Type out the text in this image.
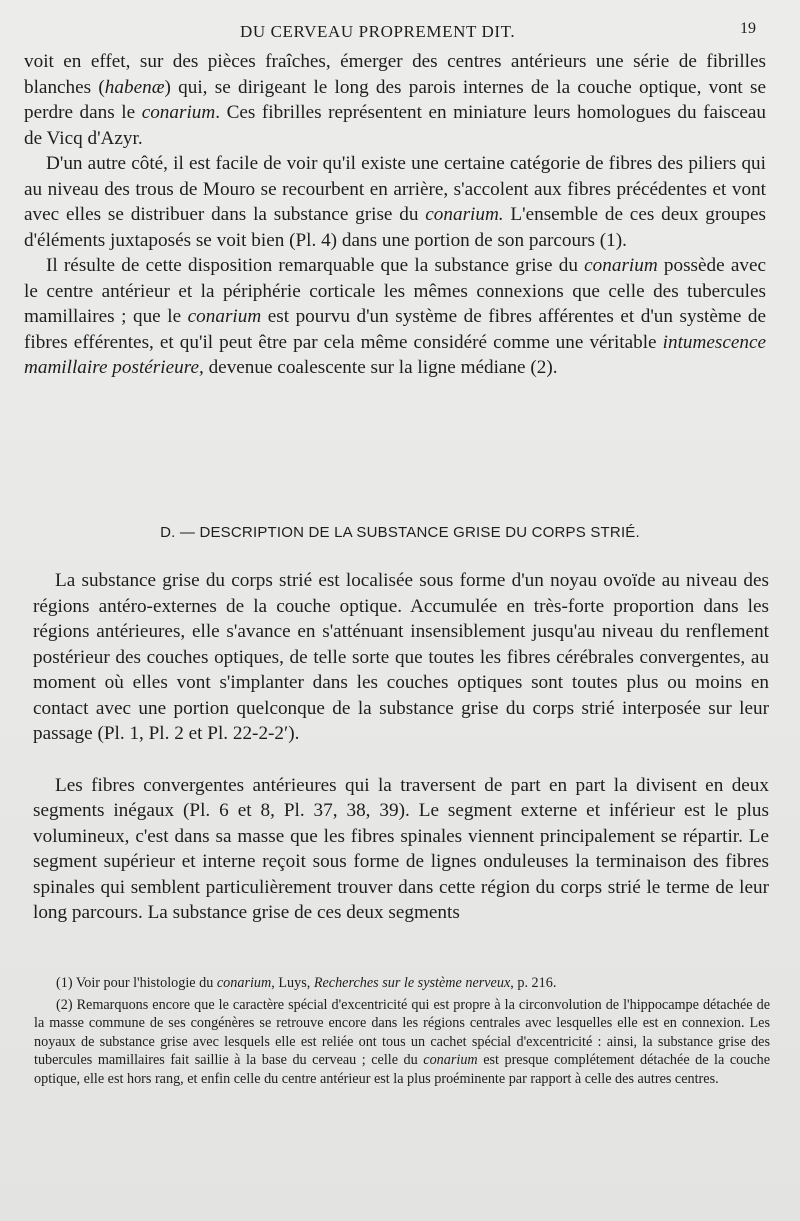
DU CERVEAU PROPREMENT DIT.	19

voit en effet, sur des pièces fraîches, émerger des centres antérieurs une série de fibrilles blanches (habenæ) qui, se dirigeant le long des parois internes de la couche optique, vont se perdre dans le conarium. Ces fibrilles représentent en miniature leurs homologues du faisceau de Vicq d'Azyr.

D'un autre côté, il est facile de voir qu'il existe une certaine catégorie de fibres des piliers qui au niveau des trous de Mouro se recourbent en arrière, s'accolent aux fibres précédentes et vont avec elles se distribuer dans la substance grise du conarium. L'ensemble de ces deux groupes d'éléments juxtaposés se voit bien (Pl. 4) dans une portion de son parcours (1).

Il résulte de cette disposition remarquable que la substance grise du conarium possède avec le centre antérieur et la périphérie corticale les mêmes connexions que celle des tubercules mamillaires ; que le conarium est pourvu d'un système de fibres afférentes et d'un système de fibres efférentes, et qu'il peut être par cela même considéré comme une véritable intumescence mamillaire postérieure, devenue coalescente sur la ligne médiane (2).

D. — DESCRIPTION DE LA SUBSTANCE GRISE DU CORPS STRIÉ.

La substance grise du corps strié est localisée sous forme d'un noyau ovoïde au niveau des régions antéro-externes de la couche optique. Accumulée en très-forte proportion dans les régions antérieures, elle s'avance en s'atténuant insensiblement jusqu'au niveau du renflement postérieur des couches optiques, de telle sorte que toutes les fibres cérébrales convergentes, au moment où elles vont s'implanter dans les couches optiques sont toutes plus ou moins en contact avec une portion quelconque de la substance grise du corps strié interposée sur leur passage (Pl. 1, Pl. 2 et Pl. 22-2-2′).

Les fibres convergentes antérieures qui la traversent de part en part la divisent en deux segments inégaux (Pl. 6 et 8, Pl. 37, 38, 39). Le segment externe et inférieur est le plus volumineux, c'est dans sa masse que les fibres spinales viennent principalement se répartir. Le segment supérieur et interne reçoit sous forme de lignes onduleuses la terminaison des fibres spinales qui semblent particulièrement trouver dans cette région du corps strié le terme de leur long parcours. La substance grise de ces deux segments

(1) Voir pour l'histologie du conarium, Luys, Recherches sur le système nerveux, p. 216.

(2) Remarquons encore que le caractère spécial d'excentricité qui est propre à la circonvolution de l'hippocampe détachée de la masse commune de ses congénères se retrouve encore dans les régions centrales avec lesquelles elle est en connexion. Les noyaux de substance grise avec lesquels elle est reliée ont tous un cachet spécial d'excentricité : ainsi, la substance grise des tubercules mamillaires fait saillie à la base du cerveau ; celle du conarium est presque complétement détachée de la couche optique, elle est hors rang, et enfin celle du centre antérieur est la plus proéminente par rapport à celle des autres centres.
